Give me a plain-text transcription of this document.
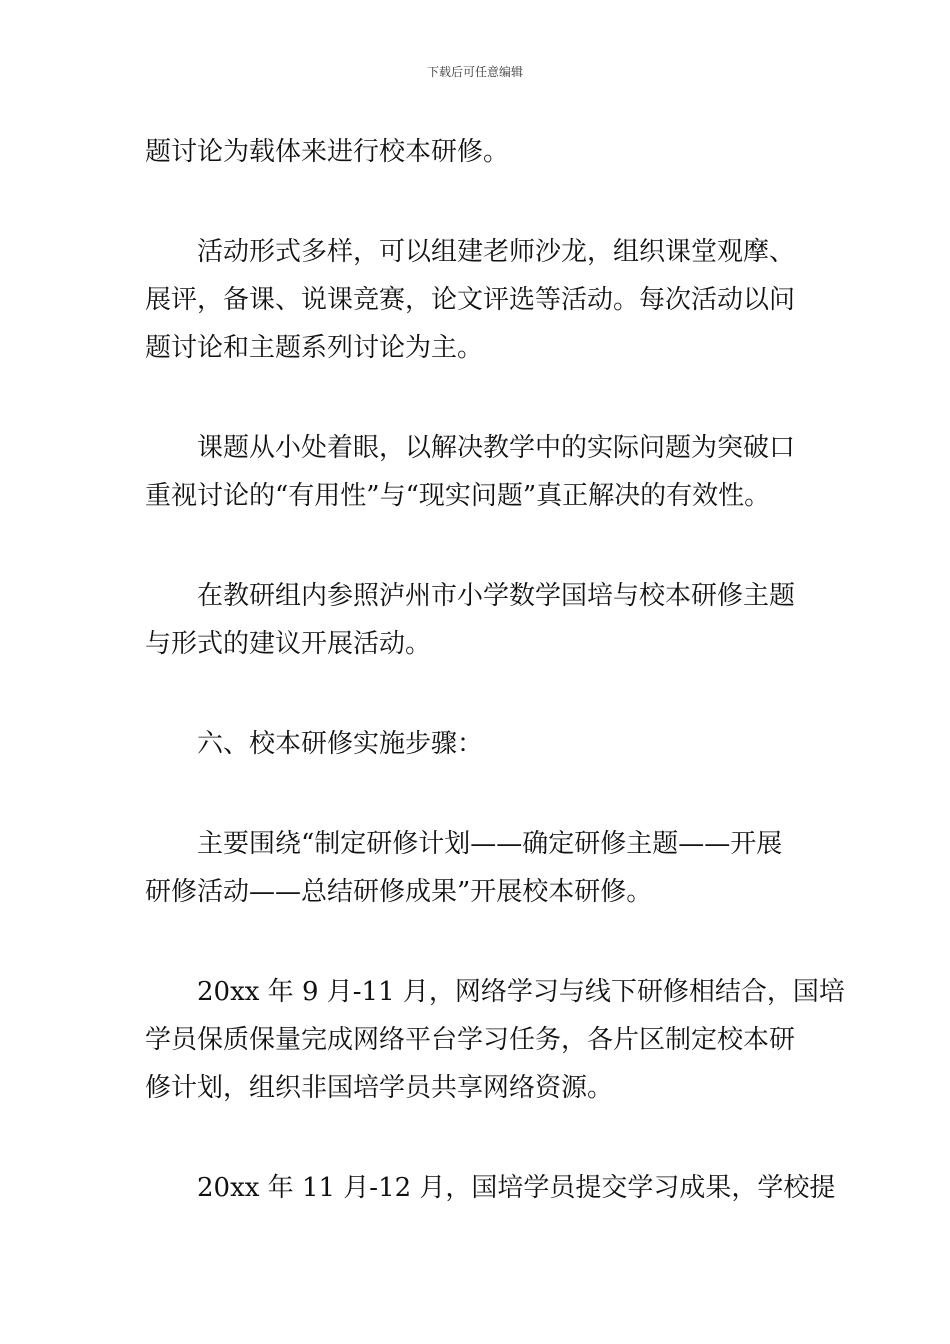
下载后可任意编辑
题讨论为载体来进行校本研修。
活动形式多样，可以组建老师沙龙，组织课堂观摩、
展评，备课、说课竞赛，论文评选等活动。每次活动以问
题讨论和主题系列讨论为主。
课题从小处着眼，以解决教学中的实际问题为突破口
重视讨论的“有用性”与“现实问题”真正解决的有效性。
在教研组内参照泸州市小学数学国培与校本研修主题
与形式的建议开展活动。
六、校本研修实施步骤：
主要围绕“制定研修计划——确定研修主题——开展
研修活动——总结研修成果”开展校本研修。
20xx 年 9 月-11 月，网络学习与线下研修相结合，国培
学员保质保量完成网络平台学习任务，各片区制定校本研
修计划，组织非国培学员共享网络资源。
20xx 年 11 月-12 月，国培学员提交学习成果，学校提
